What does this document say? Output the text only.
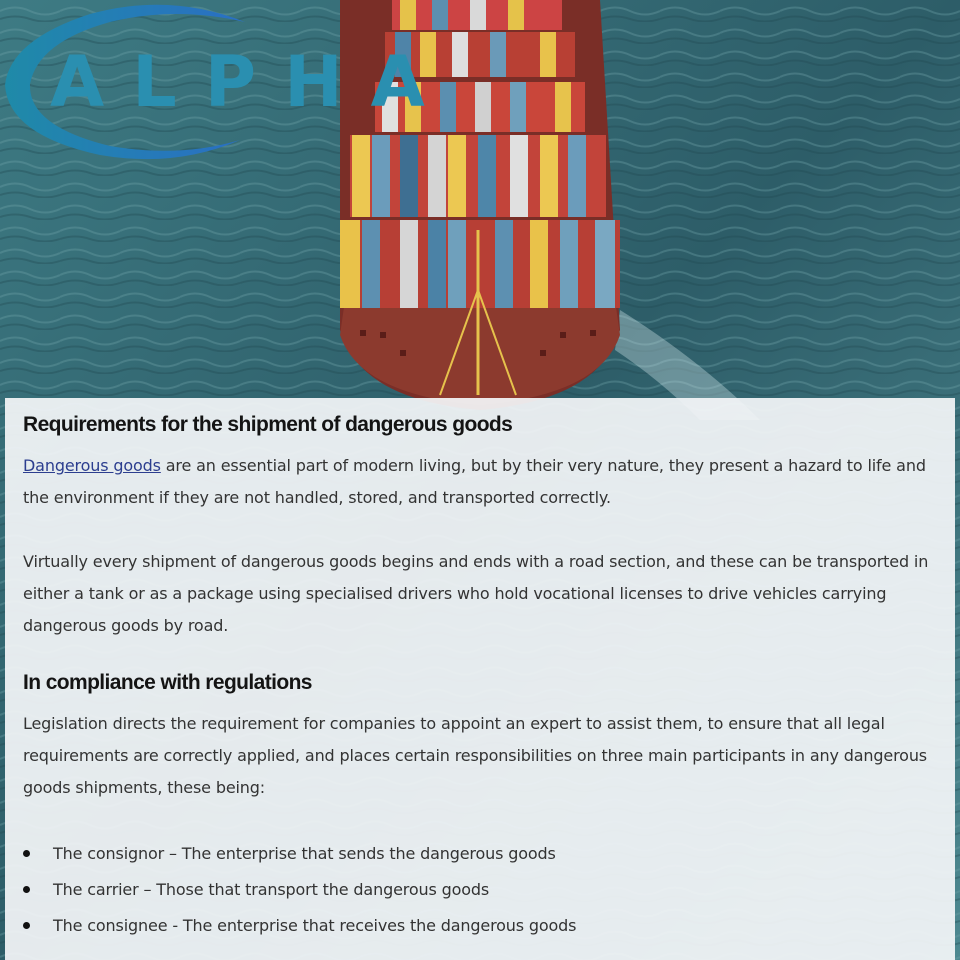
ALPHA
Requirements for the shipment of dangerous goods

Dangerous goods are an essential part of modern living, but by their very nature, they present a hazard to life and the environment if they are not handled, stored, and transported correctly.

Virtually every shipment of dangerous goods begins and ends with a road section, and these can be transported in either a tank or as a package using specialised drivers who hold vocational licenses to drive vehicles carrying dangerous goods by road.

In compliance with regulations

Legislation directs the requirement for companies to appoint an expert to assist them, to ensure that all legal requirements are correctly applied, and places certain responsibilities on three main participants in any dangerous goods shipments, these being:

The consignor – The enterprise that sends the dangerous goods
The carrier – Those that transport the dangerous goods
The consignee - The enterprise that receives the dangerous goods
